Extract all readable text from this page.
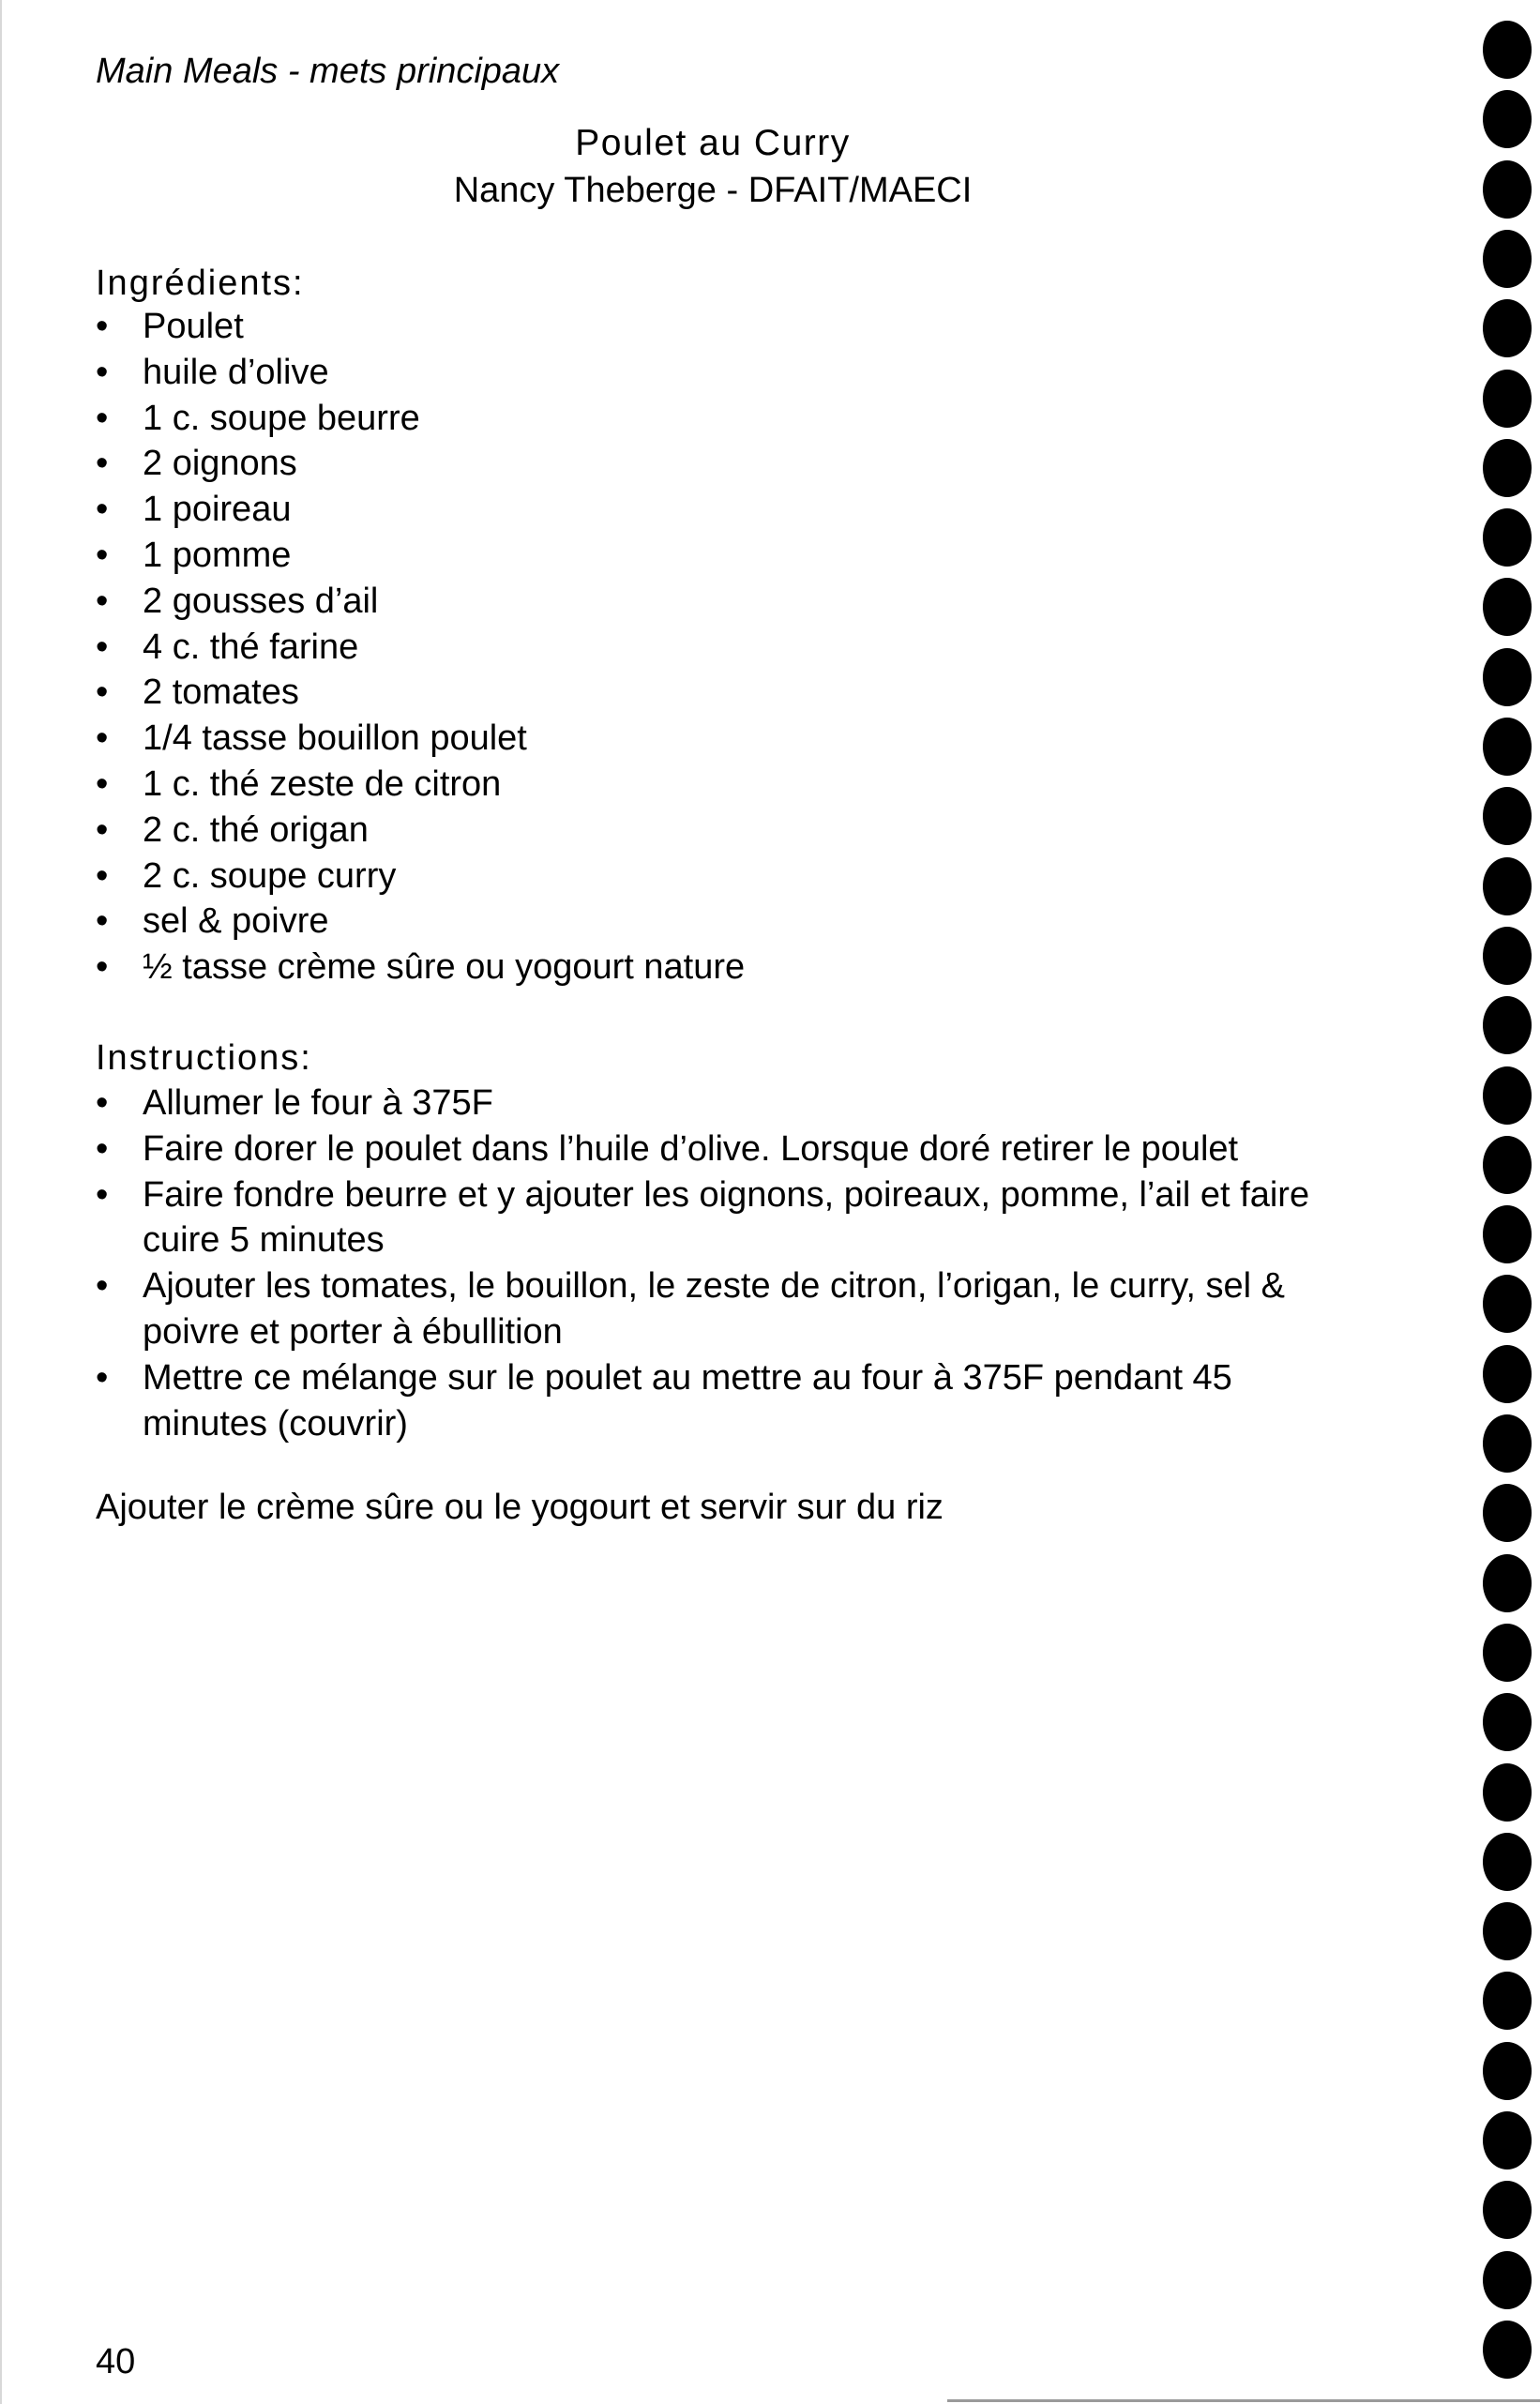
Main Meals - mets principaux
Poulet au Curry
Nancy Theberge - DFAIT/MAECI
Ingrédients:
• Poulet
• huile d’olive
• 1 c. soupe beurre
• 2 oignons
• 1 poireau
• 1 pomme
• 2 gousses d’ail
• 4 c. thé farine
• 2 tomates
• 1/4 tasse bouillon poulet
• 1 c. thé zeste de citron
• 2 c. thé origan
• 2 c. soupe curry
• sel & poivre
• ½ tasse crème sûre ou yogourt nature
Instructions:
• Allumer le four à 375F
• Faire dorer le poulet dans l’huile d’olive. Lorsque doré retirer le poulet
• Faire fondre beurre et y ajouter les oignons, poireaux, pomme, l’ail et faire cuire 5 minutes
• Ajouter les tomates, le bouillon, le zeste de citron, l’origan, le curry, sel & poivre et porter à ébullition
• Mettre ce mélange sur le poulet au mettre au four à 375F pendant 45 minutes (couvrir)
Ajouter le crème sûre ou le yogourt et servir sur du riz
40
